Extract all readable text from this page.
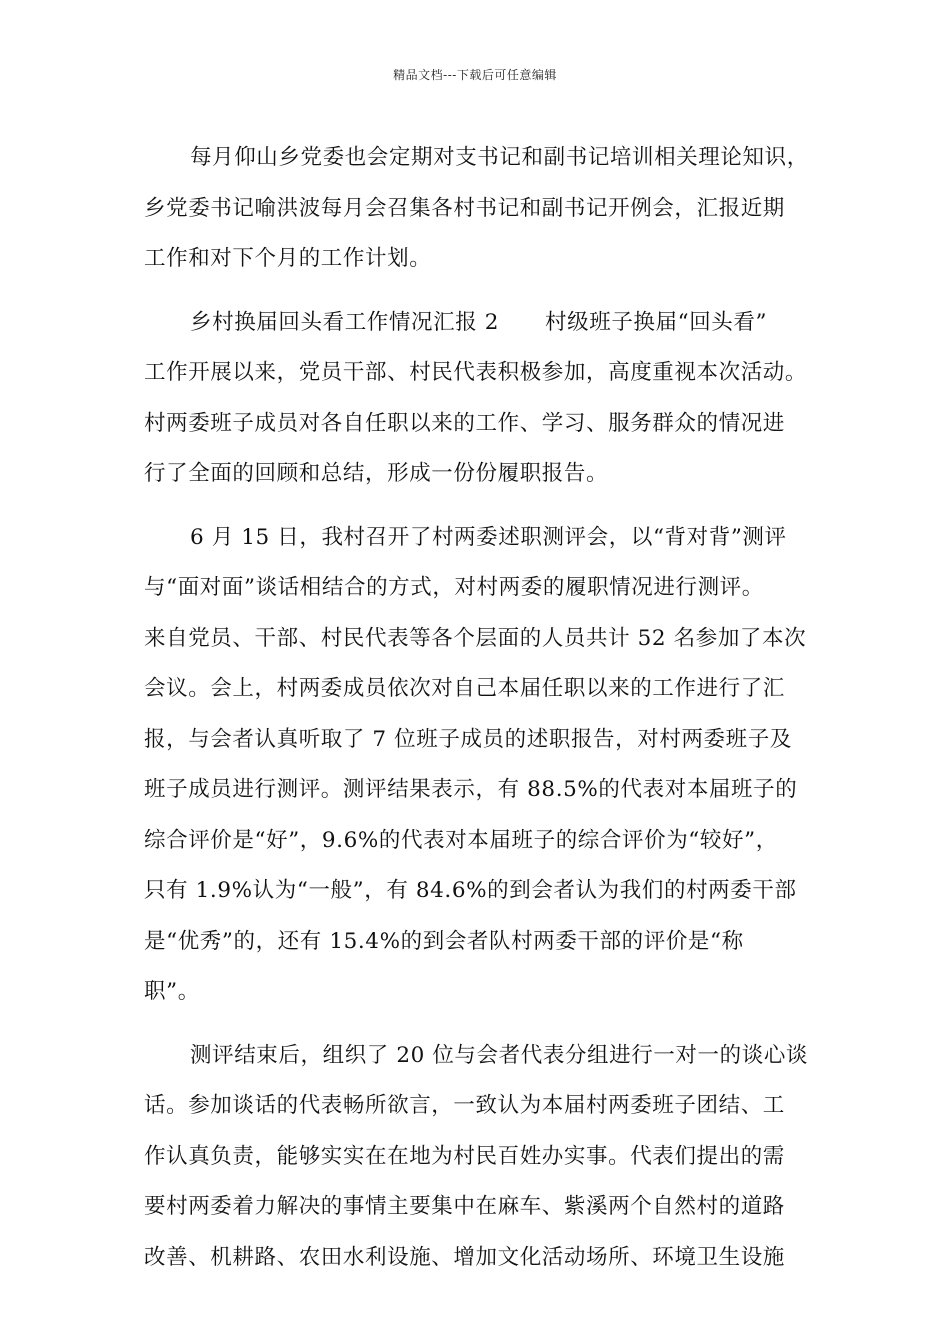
精品文档---下载后可任意编辑

每月仰山乡党委也会定期对支书记和副书记培训相关理论知识，
乡党委书记喻洪波每月会召集各村书记和副书记开例会，汇报近期
工作和对下个月的工作计划。

乡村换届回头看工作情况汇报 2 村级班子换届“回头看”
工作开展以来，党员干部、村民代表积极参加，高度重视本次活动。
村两委班子成员对各自任职以来的工作、学习、服务群众的情况进
行了全面的回顾和总结，形成一份份履职报告。

6 月 15 日，我村召开了村两委述职测评会，以“背对背”测评
与“面对面”谈话相结合的方式，对村两委的履职情况进行测评。
来自党员、干部、村民代表等各个层面的人员共计 52 名参加了本次
会议。会上，村两委成员依次对自己本届任职以来的工作进行了汇
报，与会者认真听取了 7 位班子成员的述职报告，对村两委班子及
班子成员进行测评。测评结果表示，有 88.5%的代表对本届班子的
综合评价是“好”，9.6%的代表对本届班子的综合评价为“较好”，
只有 1.9%认为“一般”，有 84.6%的到会者认为我们的村两委干部
是“优秀”的，还有 15.4%的到会者队村两委干部的评价是“称
职”。

测评结束后，组织了 20 位与会者代表分组进行一对一的谈心谈
话。参加谈话的代表畅所欲言，一致认为本届村两委班子团结、工
作认真负责，能够实实在在地为村民百姓办实事。代表们提出的需
要村两委着力解决的事情主要集中在麻车、紫溪两个自然村的道路
改善、机耕路、农田水利设施、增加文化活动场所、环境卫生设施
